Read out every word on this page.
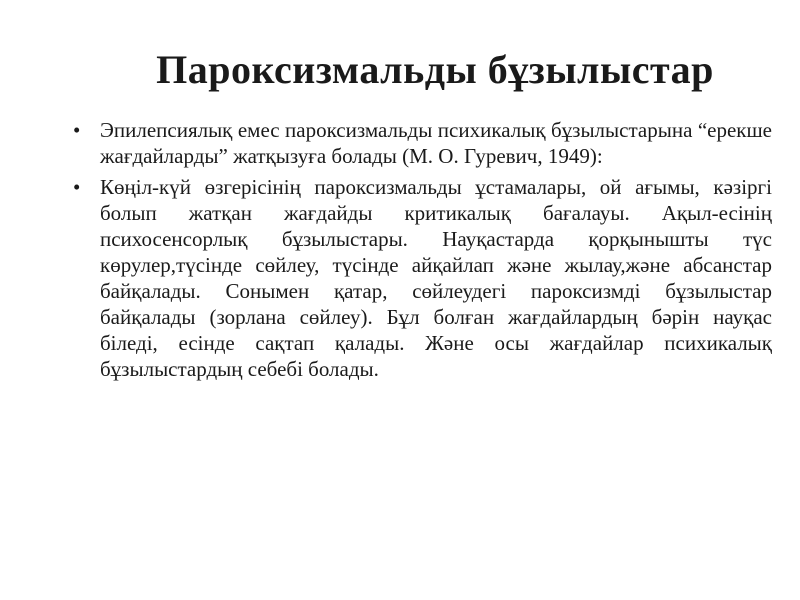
Пароксизмальды бұзылыстар
• Эпилепсиялық емес пароксизмальды психикалық бұзылыстарына “ерекше жағдайларды” жатқызуға болады (М. О. Гуревич, 1949):
• Көңіл-күй өзгерісінің пароксизмальды ұстамалары, ой ағымы, кәзіргі болып жатқан жағдайды критикалық бағалауы. Ақыл-есінің психосенсорлық бұзылыстары. Науқастарда қорқынышты түс көрулер,түсінде сөйлеу, түсінде айқайлап және жылау,және абсанстар байқалады. Сонымен қатар, сөйлеудегі пароксизмді бұзылыстар байқалады (зорлана сөйлеу). Бұл болған жағдайлардың бәрін науқас біледі, есінде сақтап қалады. Және осы жағдайлар психикалық бұзылыстардың себебі болады.
